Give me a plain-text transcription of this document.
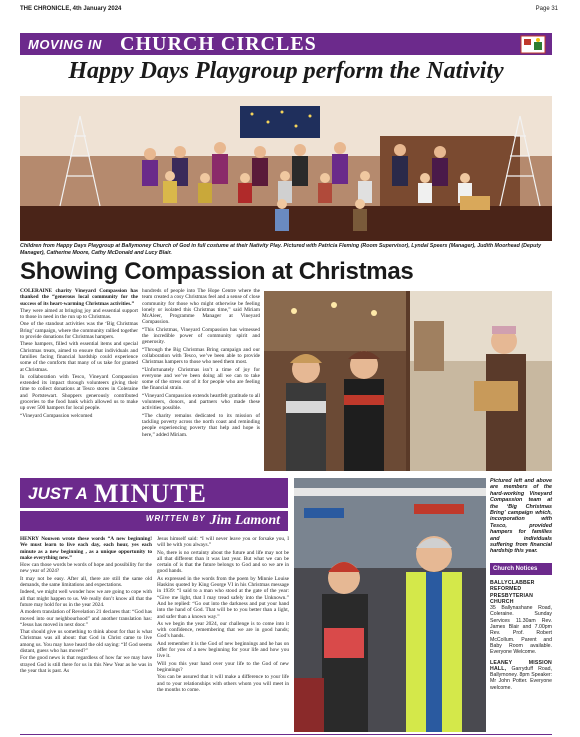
THE CHRONICLE, 4th January 2024	Page 31
MOVING IN CHURCH CIRCLES
Happy Days Playgroup perform the Nativity
Children from Happy Days Playgroup at Ballymoney Church of God in full costume at their Nativity Play. Pictured with Patricia Fleming (Room Supervisor), Lyndal Speers (Manager), Judith Moorhead (Deputy Manager), Catherine Moore, Cathy McDonald and Lucy Blair.
Showing Compassion at Christmas

COLERAINE charity Vineyard Compassion has thanked the “generous local community for the success of its heart-warming Christmas activities.”

They were aimed at bringing joy and essential support to those in need in the run up to Christmas.

One of the standout activities was the ‘Big Christmas Bring’ campaign, where the community rallied together to provide donations for Christmas hampers.

These hampers, filled with essential items and special Christmas treats, aimed to ensure that individuals and families facing financial hardship could experience some of the comforts that many of us take for granted at Christmas.

In collaboration with Tesco, Vineyard Compassion extended its impact through volunteers giving their time to collect donations at Tesco stores in Coleraine and Portstewart. Shoppers generously contributed groceries to the food bank which allowed us to make up over 500 hampers for local people.

“Vineyard Compassion welcomed

hundreds of people into The Hope Centre where the team created a cosy Christmas feel and a sense of close community for those who might otherwise be feeling lonely or isolated this Christmas time,” said Miriam McAleer, Programme Manager at Vineyard Compassion.

“This Christmas, Vineyard Compassion has witnessed the incredible power of community spirit and generosity.

“Through the Big Christmas Bring campaign and our collaboration with Tesco, we’ve been able to provide Christmas hampers to those who need them most.

“Unfortunately Christmas isn’t a time of joy for everyone and we’ve been doing all we can to take some of the stress out of it for people who are feeling the financial strain.

“Vineyard Compassion extends heartfelt gratitude to all volunteers, donors, and partners who made these activities possible.

“The charity remains dedicated to its mission of tackling poverty across the north coast and reminding people experiencing poverty that help and hope is here,” added Miriam.

JUST A MINUTE
WRITTEN BY Jim Lamont

HENRY Nouwen wrote these words “A new beginning! We must learn to live each day, each hour, yes each minute as a new beginning , as a unique opportunity to make everything new.”

How can those words be words of hope and possibility for the new year of 2024?

It may not be easy. After all, there are still the same old demands, the same limitations and expectations.

Indeed, we might well wonder how we are going to cope with all that might happen to us. We really don’t know all that the future may hold for us in the year 2024.

A modern translation of Revelation 21 declares that: “God has moved into our neighbourhood” and another translation has: “Jesus has moved in next door.”

That should give us something to think about for that is what Christmas was all about: that God in Christ came to live among us. You may have heard the old saying: “If God seems distant, guess who has moved?”

For the good news is that regardless of how far we may have strayed God is still there for us in this New Year as he was in the year that is past. As

Jesus himself said: “I will never leave you or forsake you, I will be with you always.”

No, there is no certainty about the future and life may not be all that different than it was last year. But what we can be certain of is that the future belongs to God and so we are in good hands.

As expressed in the words from the poem by Minnie Louise Haskins quoted by King George VI in his Christmas message in 1939: “I said to a man who stood at the gate of the year: “Give me light, that I may tread safely into the Unknown.” And he replied: “Go out into the darkness and put your hand into the hand of God. That will be to you better than a light, and safer than a known way.”

As we begin the year 2024, our challenge is to come into it with confidence, remembering that we are in good hands; God’s hands.

And remember it is the God of new beginnings and he has on offer for you of a new beginning for your life and how you live it.

Will you this year hand over your life to the God of new beginnings?

You can be assured that it will make a difference to your life and to your relationships with others whom you will meet in the months to come.

Pictured left and above are members of the hard-working Vineyard Compassion team at the ‘Big Christmas Bring’ campaign which, incorporation with Tesco, provided hampers for families and individuals suffering from financial hardship this year.
Church Notices

BALLYCLABBER REFORMED PRESBYTERIAN CHURCH

35 Ballynashane Road, Coleraine. Sunday Services 11.30am Rev. James Blair and 7.00pm Rev. Prof. Robert McCollum. Parent and Baby Room available. Everyone Welcome.

LEANEY MISSION HALL, Garryduff Road, Ballymoney. 8pm Speaker: Mr John Potter. Everyone welcome.
